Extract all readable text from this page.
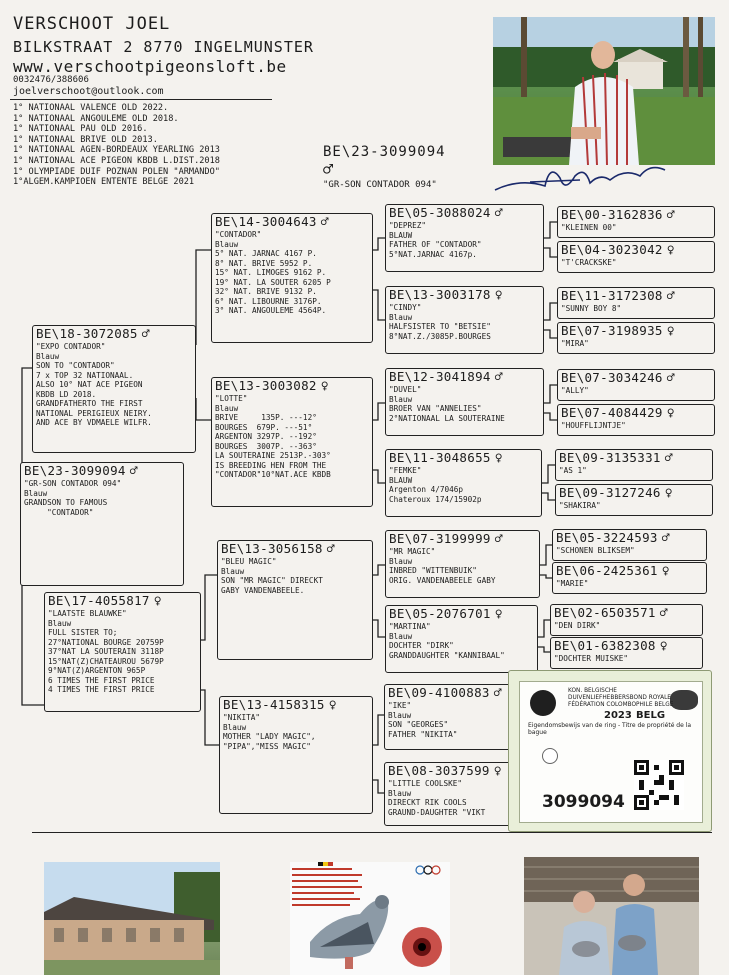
VERSCHOOT JOEL
BILKSTRAAT 2 8770 INGELMUNSTER
www.verschootpigeonsloft.be
0032476/388606
joelverschoot@outlook.com
1° NATIONAAL VALENCE OLD 2022.
1° NATIONAAL ANGOULEME OLD 2018.
1° NATIONAAL PAU OLD 2016.
1° NATIONAAL BRIVE OLD 2013.
1° NATIONAAL AGEN-BORDEAUX YEARLING 2013
1° NATIONAAL ACE PIGEON KBDB L.DIST.2018
1° OLYMPIADE DUIF POZNAN POLEN "ARMANDO"
1°ALGEM.KAMPIOEN ENTENTE BELGE 2021
BE\23-3099094
♂
"GR-SON CONTADOR 094"
BE\23-3099094 ♂
"GR-SON CONTADOR 094"
Blauw
GRANDSON TO FAMOUS
"CONTADOR"
BE\18-3072085 ♂
"EXPO CONTADOR"
Blauw
SON TO "CONTADOR"
7 x TOP 32 NATIONAAL.
ALSO 10° NAT ACE PIGEON
KBDB LD 2018.
GRANDFATHERTO THE FIRST
NATIONAL PERIGIEUX NEIRY.
AND ACE BY VDMAELE WILFR.
BE\17-4055817 ♀
"LAATSTE BLAUWKE"
Blauw
FULL SISTER TO;
27°NATIONAL BOURGE 20759P
37°NAT LA SOUTERAIN 3118P
15°NAT(Z)CHATEAUROU 5679P
9°NAT(Z)ARGENTON 965P
6 TIMES THE FIRST PRICE
4 TIMES THE FIRST PRICE
BE\14-3004643 ♂
"CONTADOR"
Blauw
5° NAT. JARNAC 4167 P.
8° NAT. BRIVE 5952 P.
15° NAT. LIMOGES 9162 P.
19° NAT. LA SOUTER 6205 P
32° NAT. BRIVE 9132 P.
6° NAT. LIBOURNE 3176P.
3° NAT. ANGOULEME 4564P.
BE\13-3003082 ♀
"LOTTE"
Blauw
BRIVE     135P. ---12°
BOURGES  679P. ---51°
ARGENTON 3297P. --192°
BOURGES  3007P. --363°
LA SOUTERAINE 2513P.-303°
IS BREEDING HEN FROM THE
"CONTADOR"10°NAT.ACE KBDB
BE\13-3056158 ♂
"BLEU MAGIC"
Blauw
SON "MR MAGIC" DIRECKT
GABY VANDENABEELE.
BE\13-4158315 ♀
"NIKITA"
Blauw
MOTHER "LADY MAGIC",
"PIPA","MISS MAGIC"
BE\05-3088024 ♂
"DEPREZ"
BLAUW
FATHER OF "CONTADOR"
5°NAT.JARNAC 4167p.
BE\13-3003178 ♀
"CINDY"
Blauw
HALFSISTER TO "BETSIE"
8°NAT.Z./3085P.BOURGES
BE\12-3041894 ♂
"DUVEL"
Blauw
BROER VAN "ANNELIES"
2°NATIONAAL LA SOUTERAINE
BE\11-3048655 ♀
"FEMKE"
BLAUW
Argenton 4/7046p
Chateroux 174/15902p
BE\07-3199999 ♂
"MR MAGIC"
Blauw
INBRED "WITTENBUIK"
ORIG. VANDENABEELE GABY
BE\05-2076701 ♀
"MARTINA"
Blauw
DOCHTER "DIRK"
GRANDDAUGHTER "KANNIBAAL"
BE\09-4100883 ♂
"IKE"
Blauw
SON "GEORGES"
FATHER "NIKITA"
BE\08-3037599 ♀
"LITTLE COOLSKE"
Blauw
DIRECKT RIK COOLS
GRAUND-DAUGHTER "VIKT
BE\00-3162836 ♂
"KLEINEN 00"
BE\04-3023042 ♀
"T'CRACKSKE"
BE\11-3172308 ♂
"SUNNY BOY 8"
BE\07-3198935 ♀
"MIRA"
BE\07-3034246 ♂
"ALLY"
BE\07-4084429 ♀
"HOUFFLIJNTJE"
BE\09-3135331 ♂
"AS 1"
BE\09-3127246 ♀
"SHAKIRA"
BE\05-3224593 ♂
"SCHONEN BLIKSEM"
BE\06-2425361 ♀
"MARIE"
BE\02-6503571 ♂
"DEN DIRK"
BE\01-6382308 ♀
"DOCHTER MUISKE"
KON. BELGISCHE DUIVENLIEFHEBBERSBOND ROYALE FÉDÉRATION COLOMBOPHILE BELGE
2023 BELG
Eigendomsbewijs van de ring - Titre de propriété de la bague
3099094
